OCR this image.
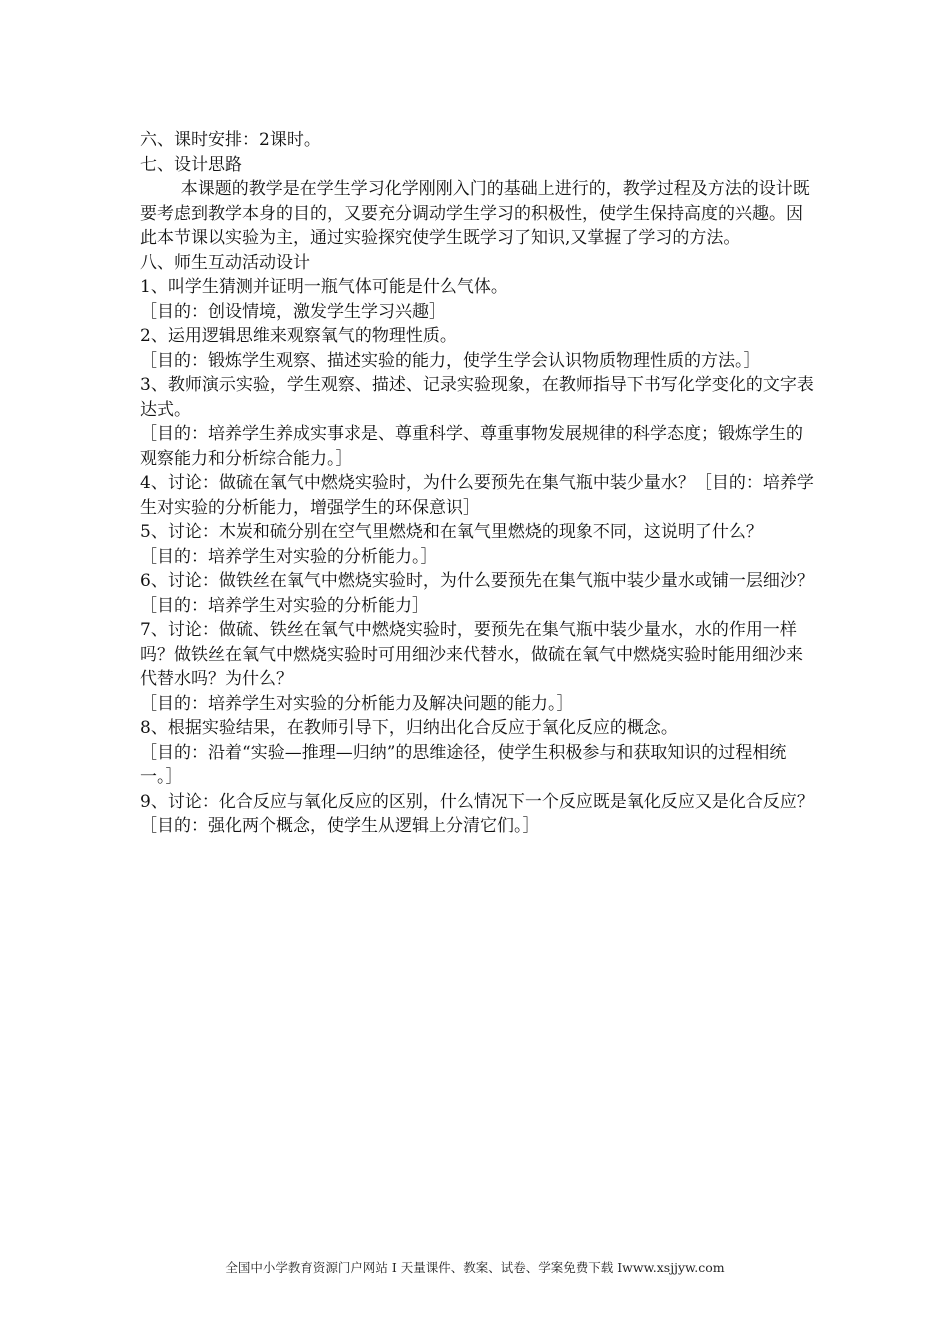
六、课时安排：2课时。

七、设计思路

本课题的教学是在学生学习化学刚刚入门的基础上进行的，教学过程及方法的设计既要考虑到教学本身的目的，又要充分调动学生学习的积极性，使学生保持高度的兴趣。因此本节课以实验为主，通过实验探究使学生既学习了知识,又掌握了学习的方法。

八、师生互动活动设计

1、叫学生猜测并证明一瓶气体可能是什么气体。

［目的：创设情境，激发学生学习兴趣］

2、运用逻辑思维来观察氧气的物理性质。

［目的：锻炼学生观察、描述实验的能力，使学生学会认识物质物理性质的方法。］

3、教师演示实验，学生观察、描述、记录实验现象，在教师指导下书写化学变化的文字表达式。

［目的：培养学生养成实事求是、尊重科学、尊重事物发展规律的科学态度；锻炼学生的观察能力和分析综合能力。］

4、讨论：做硫在氧气中燃烧实验时，为什么要预先在集气瓶中装少量水？［目的：培养学生对实验的分析能力，增强学生的环保意识］

5、讨论：木炭和硫分别在空气里燃烧和在氧气里燃烧的现象不同，这说明了什么？

［目的：培养学生对实验的分析能力。］

6、讨论：做铁丝在氧气中燃烧实验时，为什么要预先在集气瓶中装少量水或铺一层细沙？

［目的：培养学生对实验的分析能力］

7、讨论：做硫、铁丝在氧气中燃烧实验时，要预先在集气瓶中装少量水，水的作用一样吗？做铁丝在氧气中燃烧实验时可用细沙来代替水，做硫在氧气中燃烧实验时能用细沙来代替水吗？为什么？

［目的：培养学生对实验的分析能力及解决问题的能力。］

8、根据实验结果，在教师引导下，归纳出化合反应于氧化反应的概念。

［目的：沿着“实验—推理—归纳”的思维途径，使学生积极参与和获取知识的过程相统一。］

9、讨论：化合反应与氧化反应的区别，什么情况下一个反应既是氧化反应又是化合反应？

［目的：强化两个概念，使学生从逻辑上分清它们。］

全国中小学教育资源门户网站 I 天量课件、教案、试卷、学案免费下载 Iwww.xsjjyw.com
